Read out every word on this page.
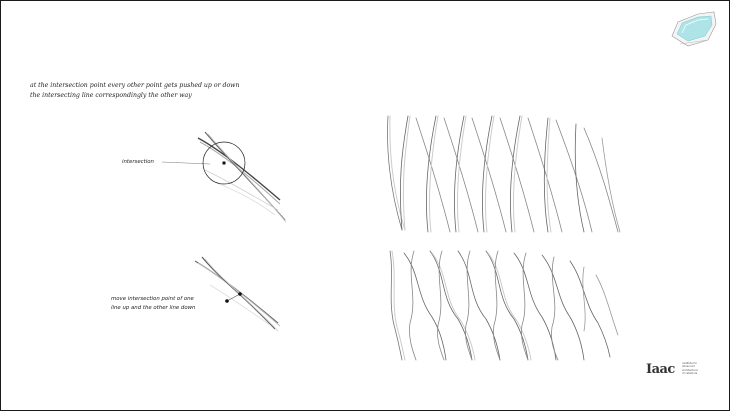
at the intersection point every other point gets pushed up or down
the intersecting line correspondingly the other way
intersection
move intersection point of one
line up and the other line down
Iaac	institute for
advanced
architecture
of catalonia
